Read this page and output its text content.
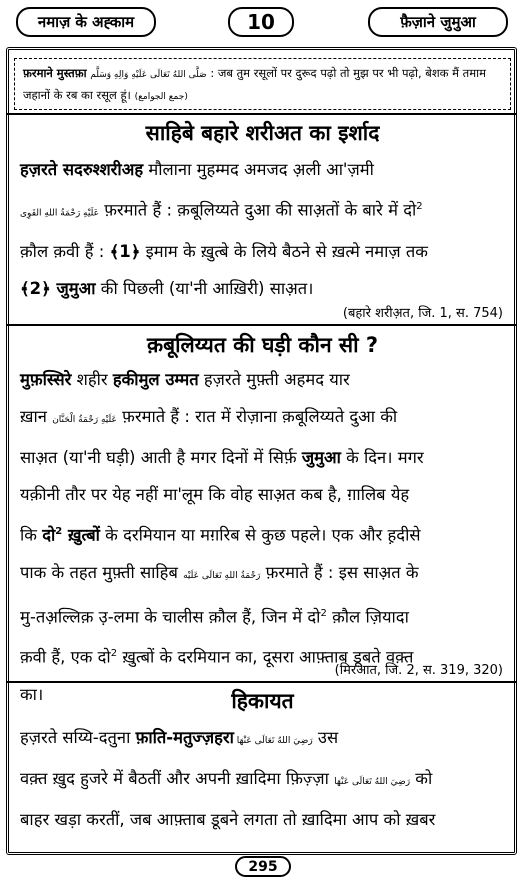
नमाज़ के अह्काम	10	फ़ैज़ाने जुमुआ
फ़रमाने मुस्तफ़ा صَلَّى اللهُ تَعَالَى عَلَيْهِ وَالِهِ وَسَلَّم : जब तुम रसूलों पर दुरूद पढ़ो तो मुझ पर भी पढ़ो, बेशक मैं तमाम जहानों के रब का रसूल हूं। (جمع الجوامع)
साहिबे बहारे शरीअत का इर्शाद
हज़रते सदरुश्शरीअह मौलाना मुहम्मद अमजद अ़ली आ'ज़मी
عَلَيْهِ رَحْمَةُ اللهِ القَوِى फ़रमाते हैं : क़बूलिय्यते दुआ की साअ़तों के बारे में दो$^2$
क़ौल क़वी हैं : ﴾1﴿ इमाम के ख़ुत्बे के लिये बैठने से ख़त्मे नमाज़ तक
﴾2﴿ जुमुआ की पिछली (या'नी आख़िरी) साअ़त।
(बहारे शरीअ़त, जि. 1, स. 754)
क़बूलिय्यत की घड़ी कौन सी ?
मुफ़स्सिरे शहीर हकीमुल उम्मत हज़रते मुफ़्ती अहमद यार
ख़ान عَلَيْهِ رَحْمَةُ الْحَنَّان फ़रमाते हैं : रात में रोज़ाना क़बूलिय्यते दुआ की
साअ़त (या'नी घड़ी) आती है मगर दिनों में सिर्फ़ जुमुआ के दिन। मगर
यक़ीनी तौर पर येह नहीं मा'लूम कि वोह साअ़त कब है, ग़ालिब येह
कि दो$^2$ ख़ुत्बों के दरमियान या मग़रिब से कुछ पहले। एक और ह़दीसे
पाक के तहत मुफ़्ती साहिब رَحْمَةُ اللهِ تَعَالَى عَلَيْه फ़रमाते हैं : इस साअ़त के
मु-तअ़ल्लिक़ उ़-लमा के चालीस क़ौल हैं, जिन में दो$^2$ क़ौल ज़ियादा
क़वी हैं, एक दो$^2$ ख़ुत्बों के दरमियान का, दूसरा आफ़्ताब डूबते वक़्त
का।
(मिरआत, जि. 2, स. 319, 320)
हिकायत
हज़रते सय्यि-दतुना फ़ाति-मतुज्ज़हरा رَضِيَ اللهُ تَعَالَى عَنْهَا उस
वक़्त ख़ुद हुजरे में बैठतीं और अपनी ख़ादिमा फ़िज़्ज़ा رَضِيَ اللهُ تَعَالَى عَنْهَا को
बाहर खड़ा करतीं, जब आफ़्ताब डूबने लगता तो ख़ादिमा आप को ख़बर
295
